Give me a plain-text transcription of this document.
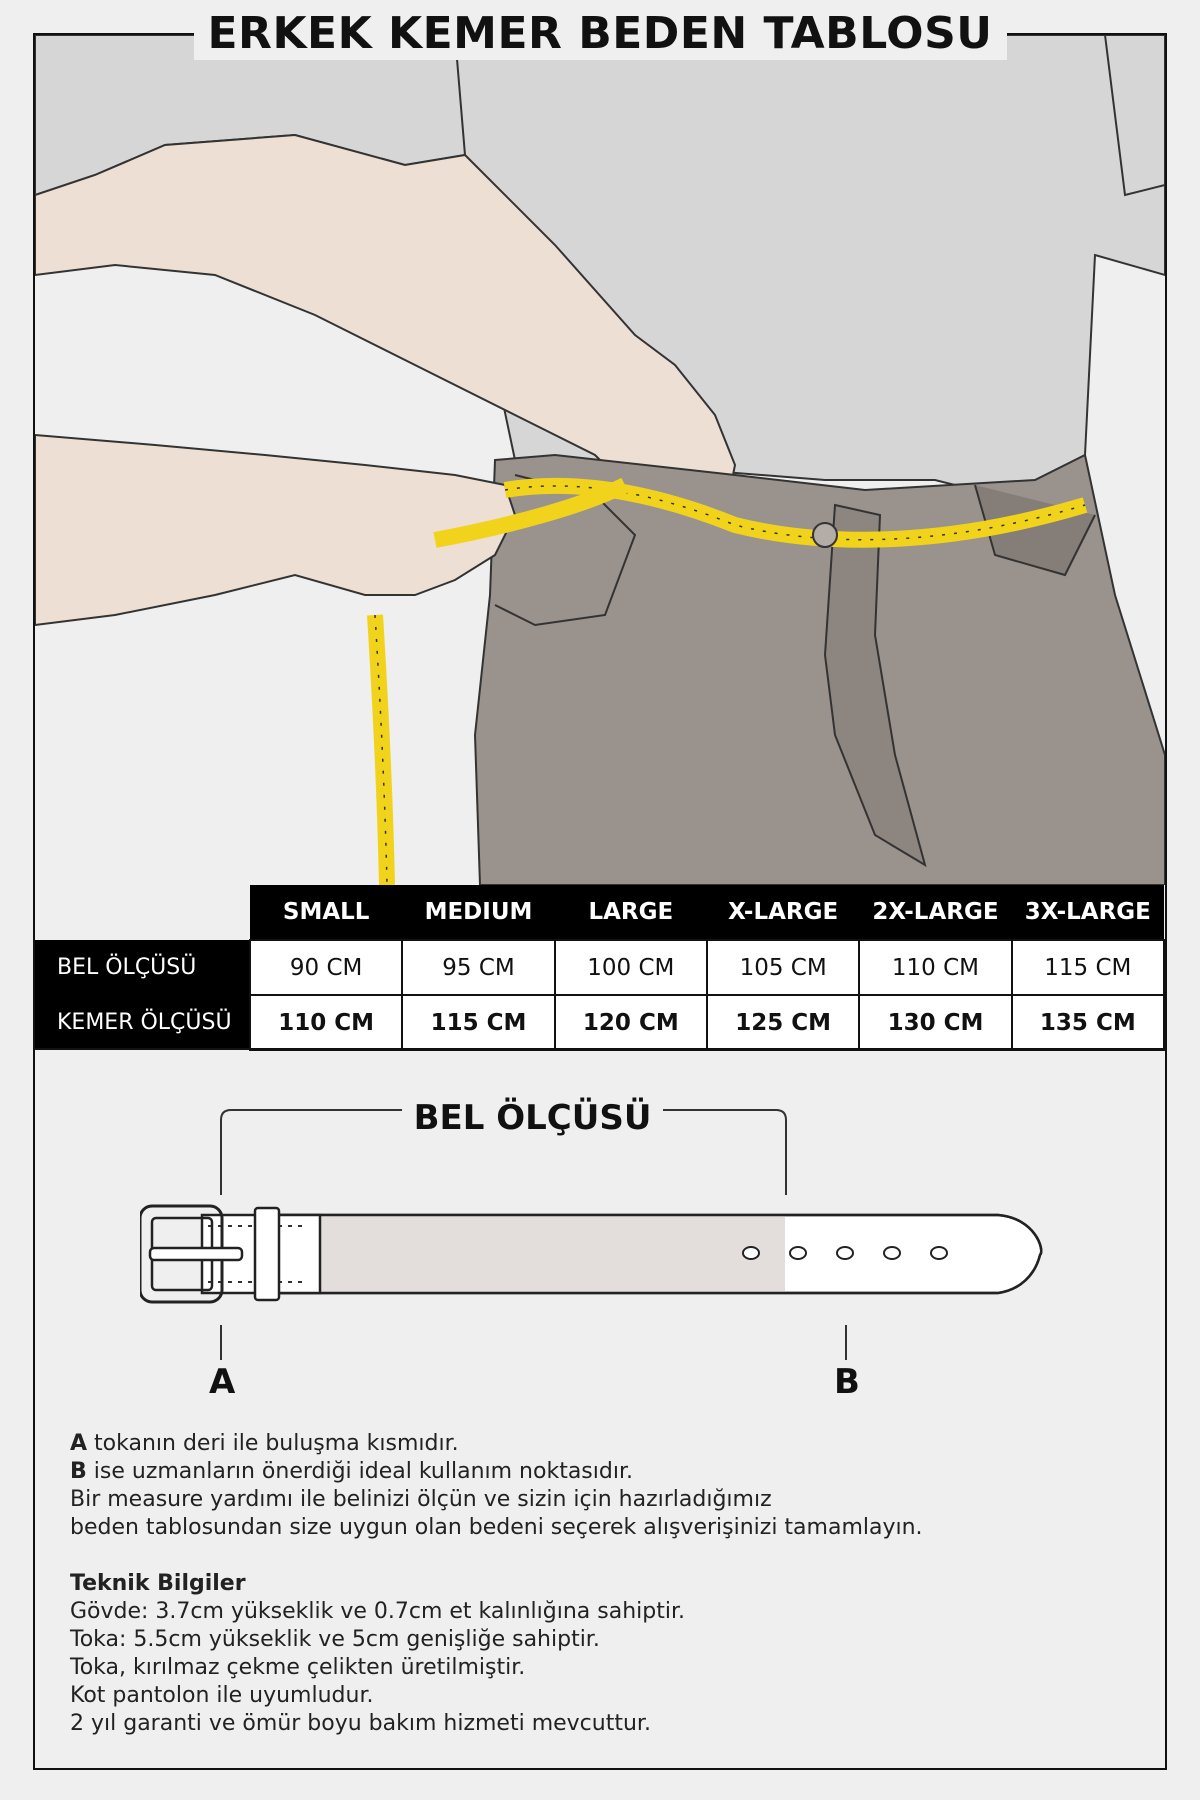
ERKEK KEMER BEDEN TABLOSU
	SMALL	MEDIUM	LARGE	X-LARGE	2X-LARGE	3X-LARGE
BEL ÖLÇÜSÜ	90 CM	95 CM	100 CM	105 CM	110 CM	115 CM
KEMER ÖLÇÜSÜ	110 CM	115 CM	120 CM	125 CM	130 CM	135 CM
BEL ÖLÇÜSÜ
A	B

A tokanın deri ile buluşma kısmıdır.

B ise uzmanların önerdiği ideal kullanım noktasıdır.

Bir measure yardımı ile belinizi ölçün ve sizin için hazırladığımız

beden tablosundan size uygun olan bedeni seçerek alışverişinizi tamamlayın.

Teknik Bilgiler

Gövde: 3.7cm yükseklik ve 0.7cm et kalınlığına sahiptir.

Toka: 5.5cm yükseklik ve 5cm genişliğe sahiptir.

Toka, kırılmaz çekme çelikten üretilmiştir.

Kot pantolon ile uyumludur.

2 yıl garanti ve ömür boyu bakım hizmeti mevcuttur.
